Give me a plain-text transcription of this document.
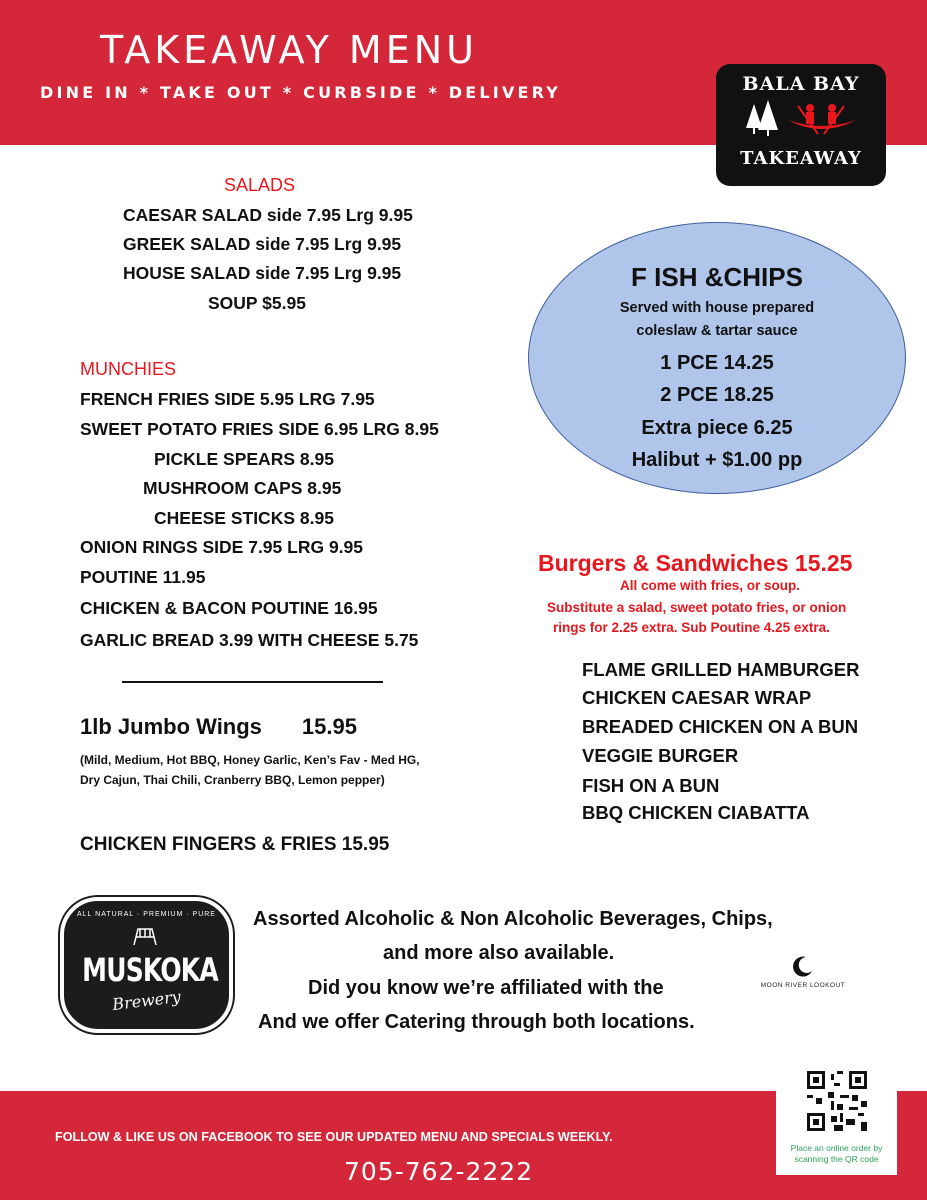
TAKEAWAY MENU
DINE IN * TAKE OUT * CURBSIDE * DELIVERY	BALA BAY
TAKEAWAY
SALADS
CAESAR SALAD side 7.95 Lrg 9.95
GREEK SALAD side 7.95 Lrg 9.95
HOUSE SALAD side 7.95 Lrg 9.95
SOUP $5.95
MUNCHIES
FRENCH FRIES SIDE 5.95 LRG 7.95
SWEET POTATO FRIES SIDE 6.95 LRG 8.95
PICKLE SPEARS 8.95
MUSHROOM CAPS 8.95
CHEESE STICKS 8.95
ONION RINGS SIDE 7.95 LRG 9.95
POUTINE 11.95
CHICKEN & BACON POUTINE 16.95
GARLIC BREAD 3.99 WITH CHEESE 5.75
1lb Jumbo Wings 15.95
(Mild, Medium, Hot BBQ, Honey Garlic, Ken’s Fav - Med HG,
Dry Cajun, Thai Chili, Cranberry BBQ, Lemon pepper)
CHICKEN FINGERS & FRIES 15.95
F ISH &CHIPS
Served with house prepared
coleslaw & tartar sauce
1 PCE 14.25
2 PCE 18.25
Extra piece 6.25
Halibut + $1.00 pp
Burgers & Sandwiches 15.25
All come with fries, or soup.
Substitute a salad, sweet potato fries, or onion
rings for 2.25 extra. Sub Poutine 4.25 extra.
FLAME GRILLED HAMBURGER
CHICKEN CAESAR WRAP
BREADED CHICKEN ON A BUN
VEGGIE BURGER
FISH ON A BUN
BBQ CHICKEN CIABATTA
ALL NATURAL · PREMIUM · PURE
MUSKOKA
Brewery
Assorted Alcoholic & Non Alcoholic Beverages, Chips,
and more also available.
Did you know we’re affiliated with the
And we offer Catering through both locations.
MOON RIVER LOOKOUT
FOLLOW & LIKE US ON FACEBOOK TO SEE OUR UPDATED MENU AND SPECIALS WEEKLY.
705-762-2222
Place an online order by scanning the QR code
